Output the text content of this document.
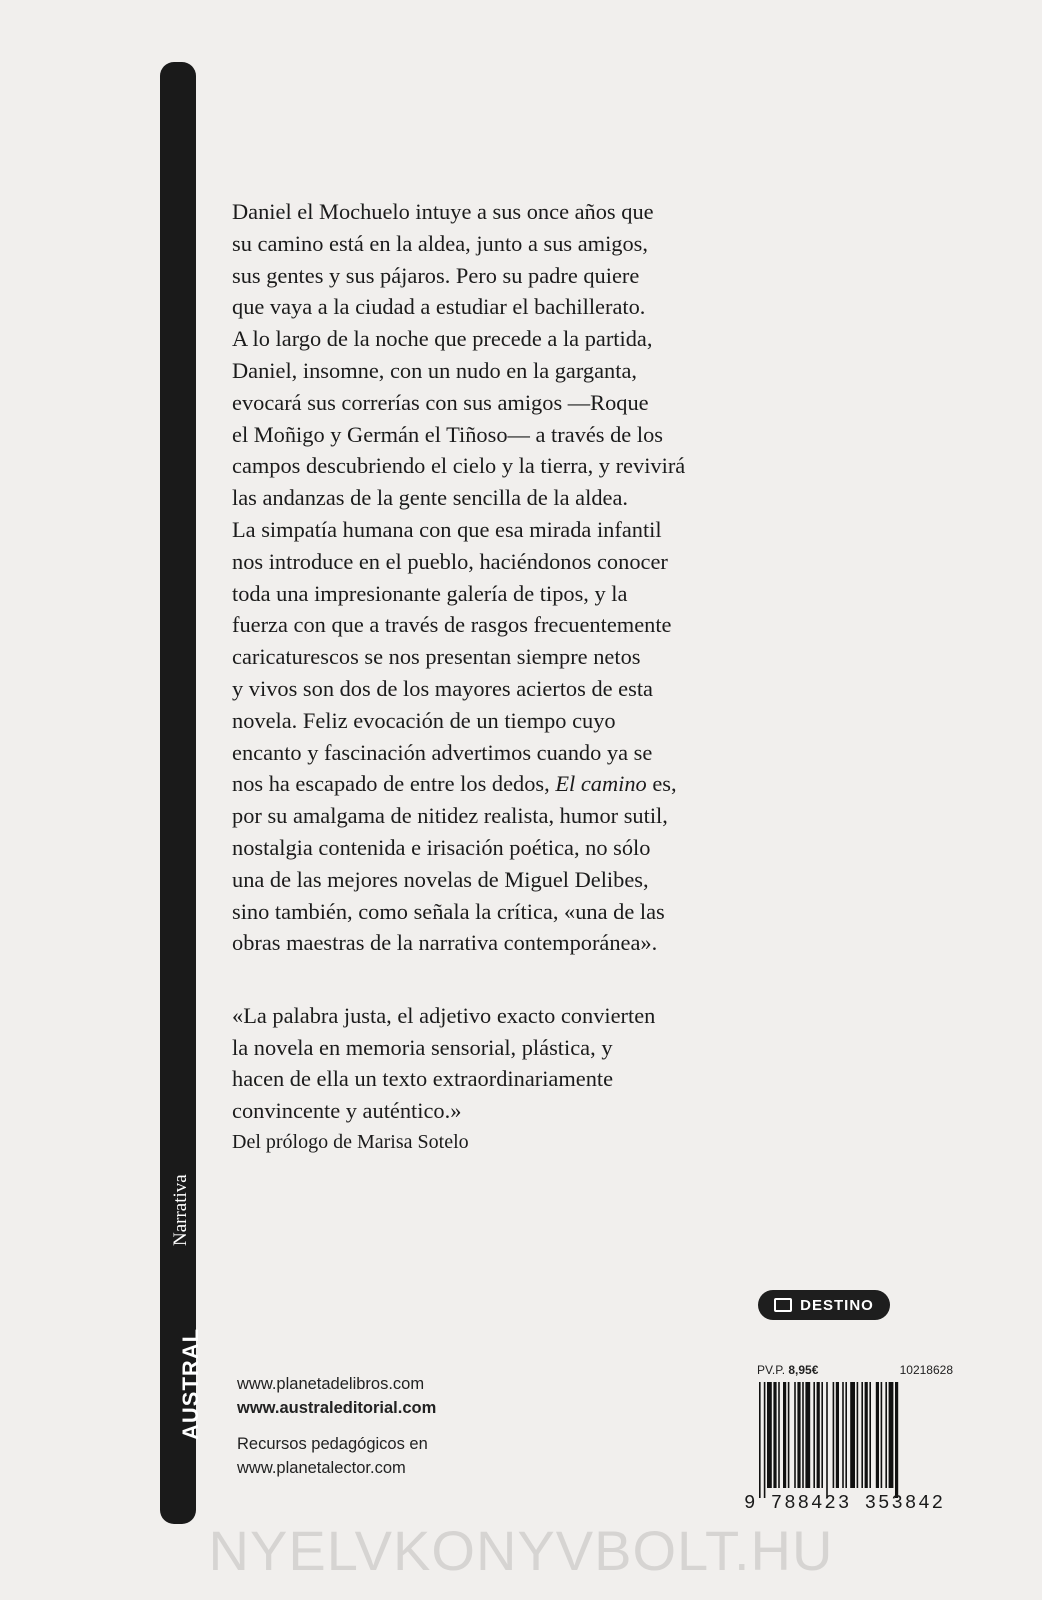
AUSTRAL
Narrativa

Daniel el Mochuelo intuye a sus once años que

su camino está en la aldea, junto a sus amigos,

sus gentes y sus pájaros. Pero su padre quiere

que vaya a la ciudad a estudiar el bachillerato.

A lo largo de la noche que precede a la partida,

Daniel, insomne, con un nudo en la garganta,

evocará sus correrías con sus amigos —Roque

el Moñigo y Germán el Tiñoso— a través de los

campos descubriendo el cielo y la tierra, y revivirá

las andanzas de la gente sencilla de la aldea.

La simpatía humana con que esa mirada infantil

nos introduce en el pueblo, haciéndonos conocer

toda una impresionante galería de tipos, y la

fuerza con que a través de rasgos frecuentemente

caricaturescos se nos presentan siempre netos

y vivos son dos de los mayores aciertos de esta

novela. Feliz evocación de un tiempo cuyo

encanto y fascinación advertimos cuando ya se

nos ha escapado de entre los dedos, El camino es,

por su amalgama de nitidez realista, humor sutil,

nostalgia contenida e irisación poética, no sólo

una de las mejores novelas de Miguel Delibes,

sino también, como señala la crítica, «una de las

obras maestras de la narrativa contemporánea».

«La palabra justa, el adjetivo exacto convierten

la novela en memoria sensorial, plástica, y

hacen de ella un texto extraordinariamente

convincente y auténtico.»

Del prólogo de Marisa Sotelo
www.planetadelibros.com
www.australeditorial.com
Recursos pedagógicos en
www.planetalector.com
DESTINO
PV.P. 8,95€	10218628
9 788423 353842
NYELVKONYVBOLT.HU
